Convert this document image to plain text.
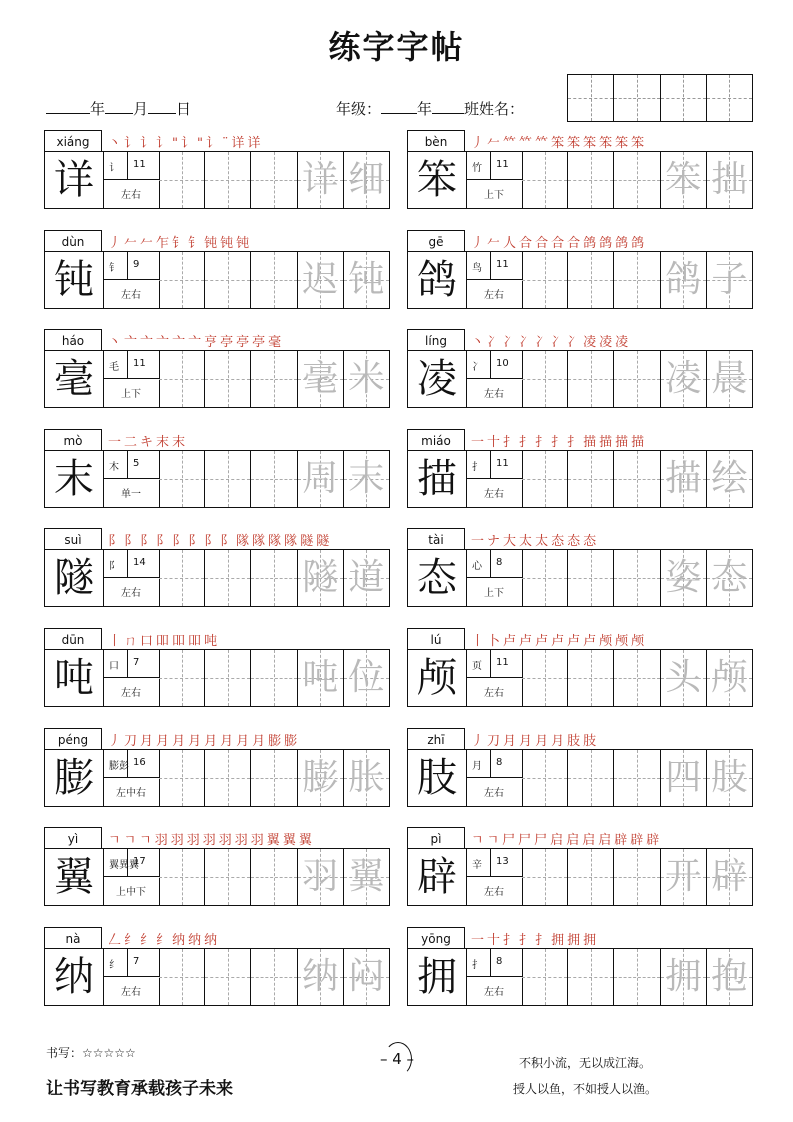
练字字帖
年 月 日	年级： 年 班姓名：
xiáng	丶讠讠讠"讠"讠¨详详
详	讠 11
左右	详 细
bèn	丿𠂉𥫗𥫗𥫗笨笨笨笨笨笨
笨	竹 11
上下	笨 拙
dùn	丿𠂉𠂉乍钅钅钝钝钝
钝	钅 9
左右	迟 钝
gē	丿𠂉人合合合合鸽鸽鸽鸽
鸽	鸟 11
左右	鸽 子
háo	丶亠亠亠亠亠亨亭亭亭毫
毫	毛 11
上下	毫 米
líng	丶冫冫冫冫冫冫凌凌凌
凌	冫 10
左右	凌 晨
mò	一二キ末末
末	木 5
单一	周 末
miáo	一十扌扌扌扌扌描描描描
描	扌 11
左右	描 绘
suì	阝阝阝阝阝阝阝阝隊隊隊隊隧隧
隧	阝 14
左右	隧 道
tài	一ナ大太太态态态
态	心 8
上下	姿 态
dūn	丨ㄇ口吅吅吅吨
吨	口 7
左右	吨 位
lú	丨卜卢卢卢卢卢卢颅颅颅
颅	页 11
左右	头 颅
péng	丿刀月月月月月月月月膨膨
膨	膨彭 16
左中右	膨 胀
zhī	丿刀月月月月肢肢
肢	月 8
左右	四 肢
yì	ㄱㄱㄱ羽羽羽羽羽羽羽翼翼翼
翼	翼異翼
17
上中下	羽 翼
pì	ㄱㄱ尸尸尸启启启启辟辟辟
辟	辛 13
左右	开 辟
nà	𠃋纟纟纟纳纳纳
纳	纟 7
左右	纳 闷
yōng	一十扌扌扌拥拥拥
拥	扌 8
左右	拥 抱
书写：☆☆☆☆☆
让书写教育承载孩子未来
– 4 –	不积小流，无以成江海。
授人以鱼，不如授人以渔。
